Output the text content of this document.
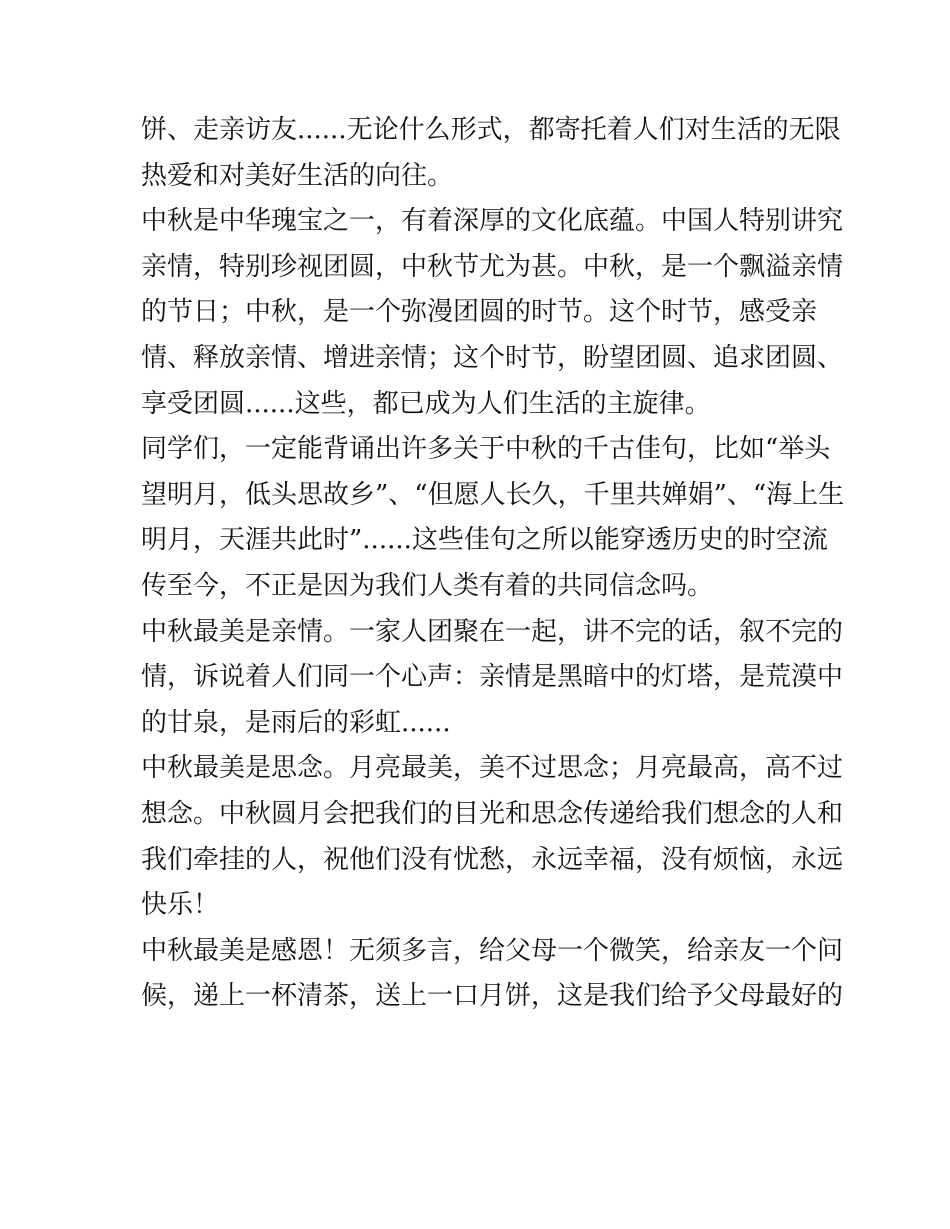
饼、走亲访友......无论什么形式，都寄托着人们对生活的无限
热爱和对美好生活的向往。
中秋是中华瑰宝之一，有着深厚的文化底蕴。中国人特别讲究
亲情，特别珍视团圆，中秋节尤为甚。中秋，是一个飘溢亲情
的节日；中秋，是一个弥漫团圆的时节。这个时节，感受亲
情、释放亲情、增进亲情；这个时节，盼望团圆、追求团圆、
享受团圆......这些，都已成为人们生活的主旋律。
同学们，一定能背诵出许多关于中秋的千古佳句，比如“举头
望明月，低头思故乡”、“但愿人长久，千里共婵娟”、“海上生
明月，天涯共此时”......这些佳句之所以能穿透历史的时空流
传至今，不正是因为我们人类有着的共同信念吗。
中秋最美是亲情。一家人团聚在一起，讲不完的话，叙不完的
情，诉说着人们同一个心声：亲情是黑暗中的灯塔，是荒漠中
的甘泉，是雨后的彩虹......
中秋最美是思念。月亮最美，美不过思念；月亮最高，高不过
想念。中秋圆月会把我们的目光和思念传递给我们想念的人和
我们牵挂的人，祝他们没有忧愁，永远幸福，没有烦恼，永远
快乐！
中秋最美是感恩！无须多言，给父母一个微笑，给亲友一个问
候，递上一杯清茶，送上一口月饼，这是我们给予父母最好的
